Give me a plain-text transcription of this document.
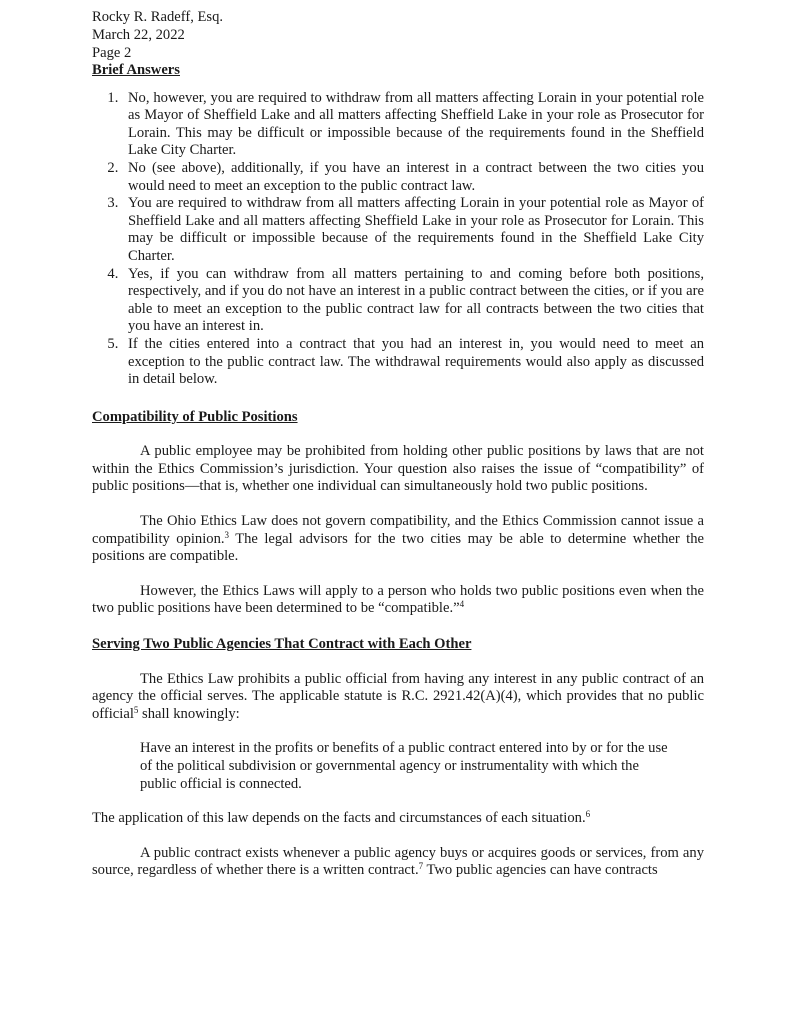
Rocky R. Radeff, Esq.
March 22, 2022
Page 2
Brief Answers
1. No, however, you are required to withdraw from all matters affecting Lorain in your potential role as Mayor of Sheffield Lake and all matters affecting Sheffield Lake in your role as Prosecutor for Lorain. This may be difficult or impossible because of the requirements found in the Sheffield Lake City Charter.
2. No (see above), additionally, if you have an interest in a contract between the two cities you would need to meet an exception to the public contract law.
3. You are required to withdraw from all matters affecting Lorain in your potential role as Mayor of Sheffield Lake and all matters affecting Sheffield Lake in your role as Prosecutor for Lorain. This may be difficult or impossible because of the requirements found in the Sheffield Lake City Charter.
4. Yes, if you can withdraw from all matters pertaining to and coming before both positions, respectively, and if you do not have an interest in a public contract between the cities, or if you are able to meet an exception to the public contract law for all contracts between the two cities that you have an interest in.
5. If the cities entered into a contract that you had an interest in, you would need to meet an exception to the public contract law. The withdrawal requirements would also apply as discussed in detail below.
Compatibility of Public Positions

A public employee may be prohibited from holding other public positions by laws that are not within the Ethics Commission’s jurisdiction. Your question also raises the issue of “compatibility” of public positions—that is, whether one individual can simultaneously hold two public positions.

The Ohio Ethics Law does not govern compatibility, and the Ethics Commission cannot issue a compatibility opinion.$^3$ The legal advisors for the two cities may be able to determine whether the positions are compatible.

However, the Ethics Laws will apply to a person who holds two public positions even when the two public positions have been determined to be “compatible.”$^4$

Serving Two Public Agencies That Contract with Each Other

The Ethics Law prohibits a public official from having any interest in any public contract of an agency the official serves. The applicable statute is R.C. 2921.42(A)(4), which provides that no public official$^5$ shall knowingly:

Have an interest in the profits or benefits of a public contract entered into by or for the use of the political subdivision or governmental agency or instrumentality with which the public official is connected.

The application of this law depends on the facts and circumstances of each situation.$^6$

A public contract exists whenever a public agency buys or acquires goods or services, from any source, regardless of whether there is a written contract.$^7$ Two public agencies can have contracts
